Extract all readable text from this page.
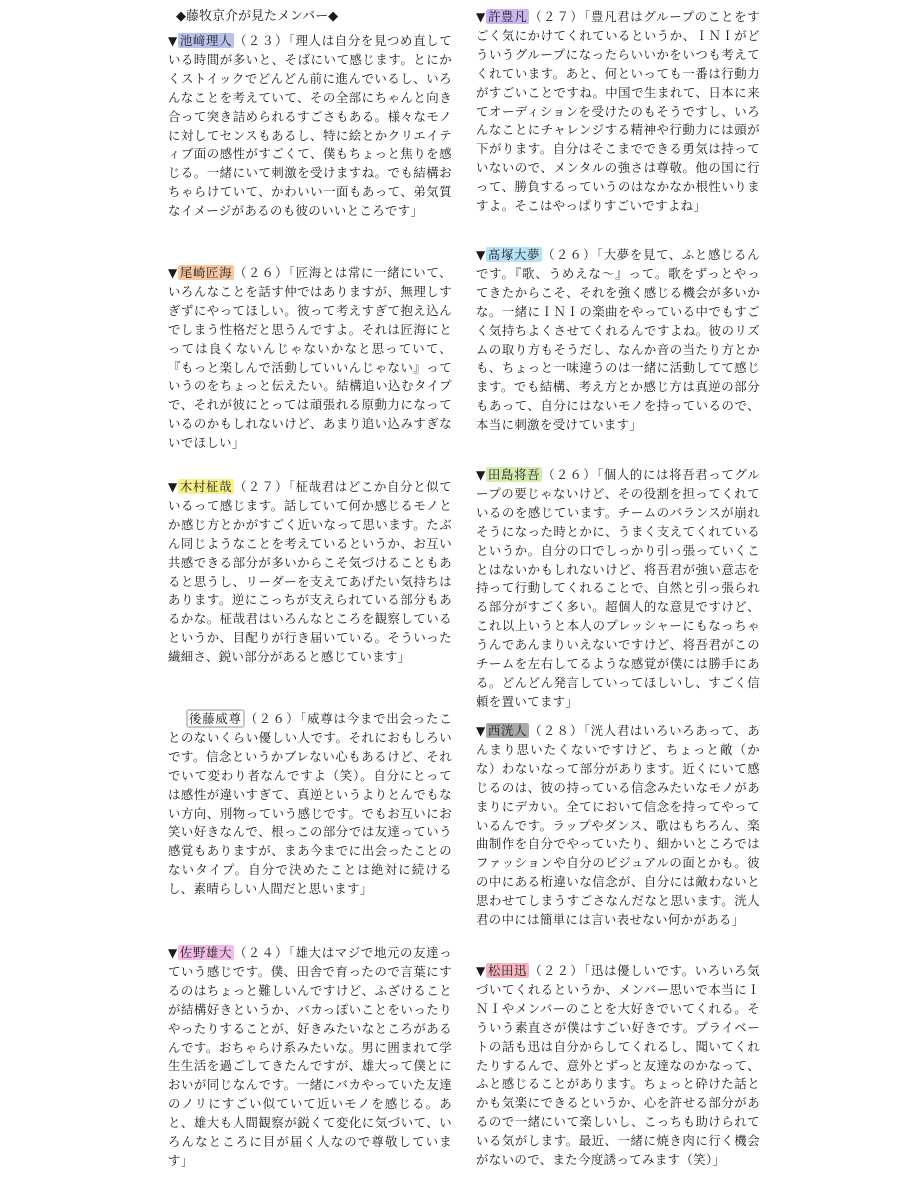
◆藤牧京介が見たメンバー◆

▼ 池﨑理人 （２３）「理人は自分を見つめ直している時間が多いと、そばにいて感じます。とにかくストイックでどんどん前に進んでいるし、いろんなことを考えていて、その全部にちゃんと向き合って突き詰められるすごさもある。様々なモノに対してセンスもあるし、特に絵とかクリエイティブ面の感性がすごくて、僕もちょっと焦りを感じる。一緒にいて刺激を受けますね。でも結構おちゃらけていて、かわいい一面もあって、弟気質なイメージがあるのも彼のいいところです」

▼ 尾崎匠海 （２６）「匠海とは常に一緒にいて、いろんなことを話す仲ではありますが、無理しすぎずにやってほしい。彼って考えすぎて抱え込んでしまう性格だと思うんですよ。それは匠海にとっては良くないんじゃないかなと思っていて、『もっと楽しんで活動していいんじゃない』っていうのをちょっと伝えたい。結構追い込むタイプで、それが彼にとっては頑張れる原動力になっているのかもしれないけど、あまり追い込みすぎないでほしい」

▼ 木村柾哉 （２７）「柾哉君はどこか自分と似ているって感じます。話していて何か感じるモノとか感じ方とかがすごく近いなって思います。たぶん同じようなことを考えているというか、お互い共感できる部分が多いからこそ気づけることもあると思うし、リーダーを支えてあげたい気持ちはあります。逆にこっちが支えられている部分もあるかな。柾哉君はいろんなところを観察しているというか、目配りが行き届いている。そういった繊細さ、鋭い部分があると感じています」

後藤威尊 （２６）「威尊は今まで出会ったことのないくらい優しい人です。それにおもしろいです。信念というかブレない心もあるけど、それでいて変わり者なんですよ（笑）。自分にとっては感性が違いすぎて、真逆というよりとんでもない方向、別物っていう感じです。でもお互いにお笑い好きなんで、根っこの部分では友達っていう感覚もありますが、まあ今までに出会ったことのないタイプ。自分で決めたことは絶対に続けるし、素晴らしい人間だと思います」

▼ 佐野雄大 （２４）「雄大はマジで地元の友達っていう感じです。僕、田舎で育ったので言葉にするのはちょっと難しいんですけど、ふざけることが結構好きというか、バカっぽいことをいったりやったりすることが、好きみたいなところがあるんです。おちゃらけ系みたいな。男に囲まれて学生生活を過ごしてきたんですが、雄大って僕とにおいが同じなんです。一緒にバカやっていた友達のノリにすごい似ていて近いモノを感じる。あと、雄大も人間観察が鋭くて変化に気づいて、いろんなところに目が届く人なので尊敬しています」

▼ 許豊凡 （２７）「豊凡君はグループのことをすごく気にかけてくれているというか、ＩＮＩがどういうグループになったらいいかをいつも考えてくれています。あと、何といっても一番は行動力がすごいことですね。中国で生まれて、日本に来てオーディションを受けたのもそうですし、いろんなことにチャレンジする精神や行動力には頭が下がります。自分はそこまでできる勇気は持っていないので、メンタルの強さは尊敬。他の国に行って、勝負するっていうのはなかなか根性いりますよ。そこはやっぱりすごいですよね」

▼ 髙塚大夢 （２６）「大夢を見て、ふと感じるんです。『歌、うめえな〜』って。歌をずっとやってきたからこそ、それを強く感じる機会が多いかな。一緒にＩＮＩの楽曲をやっている中でもすごく気持ちよくさせてくれるんですよね。彼のリズムの取り方もそうだし、なんか音の当たり方とかも、ちょっと一味違うのは一緒に活動してて感じます。でも結構、考え方とか感じ方は真逆の部分もあって、自分にはないモノを持っているので、本当に刺激を受けています」

▼ 田島将吾 （２６）「個人的には将吾君ってグループの要じゃないけど、その役割を担ってくれているのを感じています。チームのバランスが崩れそうになった時とかに、うまく支えてくれているというか。自分の口でしっかり引っ張っていくことはないかもしれないけど、将吾君が強い意志を持って行動してくれることで、自然と引っ張られる部分がすごく多い。超個人的な意見ですけど、これ以上いうと本人のプレッシャーにもなっちゃうんであんまりいえないですけど、将吾君がこのチームを左右してるような感覚が僕には勝手にある。どんどん発言していってほしいし、すごく信頼を置いてます」

▼ 西洸人 （２８）「洸人君はいろいろあって、あんまり思いたくないですけど、ちょっと敵（かな）わないなって部分があります。近くにいて感じるのは、彼の持っている信念みたいなモノがあまりにデカい。全てにおいて信念を持ってやっているんです。ラップやダンス、歌はもちろん、楽曲制作を自分でやっていたり、細かいところではファッションや自分のビジュアルの面とかも。彼の中にある桁違いな信念が、自分には敵わないと思わせてしまうすごさなんだなと思います。洸人君の中には簡単には言い表せない何かがある」

▼ 松田迅 （２２）「迅は優しいです。いろいろ気づいてくれるというか、メンバー思いで本当にＩＮＩやメンバーのことを大好きでいてくれる。そういう素直さが僕はすごい好きです。プライベートの話も迅は自分からしてくれるし、聞いてくれたりするんで、意外とずっと友達なのかなって、ふと感じることがあります。ちょっと砕けた話とかも気楽にできるというか、心を許せる部分があるので一緒にいて楽しいし、こっちも助けられている気がします。最近、一緒に焼き肉に行く機会がないので、また今度誘ってみます（笑）」
